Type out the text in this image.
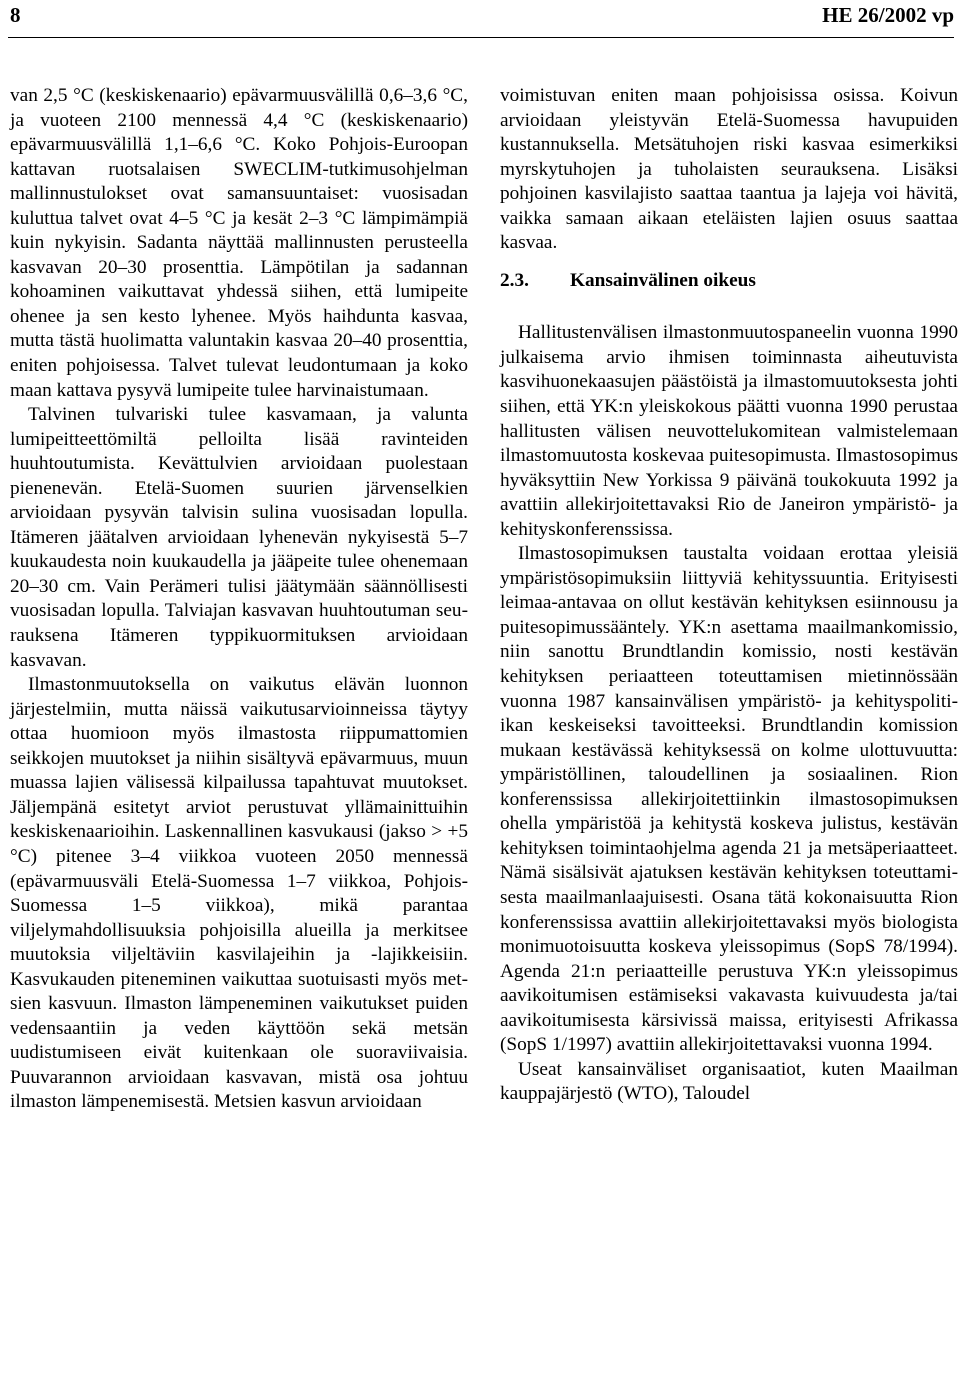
8	HE 26/2002 vp

van 2,5 °C (keskiskenaario) epävarmuusvälillä 0,6–3,6 °C, ja vuoteen 2100 mennessä 4,4 °C (keskiskenaario) epävarmuusvälillä 1,1–6,6 °C. Koko Pohjois-Euroopan kattavan ruotsalaisen SWECLIM-tutkimusohjelman mallinnustulokset ovat samansuuntaiset: vuosisadan kuluttua talvet ovat 4–5 °C ja kesät 2–3 °C lämpimämpiä kuin nykyisin. Sadanta näyttää mallinnusten perusteella kasvavan 20–30 prosenttia. Lämpötilan ja sadannan kohoaminen vaikuttavat yhdessä siihen, että lumipeite ohenee ja sen kesto lyhenee. Myös haihdunta kasvaa, mutta tästä huolimatta valuntakin kasvaa 20–40 prosenttia, eniten pohjoisessa. Talvet tulevat leudontumaan ja koko maan kattava pysyvä lumipeite tulee harvinaistumaan.

Talvinen tulvariski tulee kasvamaan, ja valunta lumipeitteettömiltä pelloilta lisää ravinteiden huuhtoutumista. Kevättulvien arvioidaan puolestaan pienenevän. Etelä-Suomen suurien järvenselkien arvioidaan pysyvän talvisin sulina vuosisadan lopulla. Itämeren jäätalven arvioidaan lyhenevän nykyisestä 5–7 kuukaudesta noin kuukaudella ja jääpeite tulee ohenemaan 20–30 cm. Vain Perämeri tulisi jäätymään säännöllisesti vuosisadan lopulla. Talviajan kasvavan huuhtoutuman seurauksena Itämeren typpikuormituksen arvioidaan kasvavan.

Ilmastonmuutoksella on vaikutus elävän luonnon järjestelmiin, mutta näissä vaikutusarvioinneissa täytyy ottaa huomioon myös ilmastosta riippumattomien seikkojen muutokset ja niihin sisältyvä epävarmuus, muun muassa lajien välisessä kilpailussa tapahtuvat muutokset. Jäljempänä esitetyt arviot perustuvat yllämainittuihin keskiskenaarioihin. Laskennallinen kasvukausi (jakso > +5 °C) pitenee 3–4 viikkoa vuoteen 2050 mennessä (epävarmuusväli Etelä-Suomessa 1–7 viikkoa, Pohjois-Suomessa 1–5 viikkoa), mikä parantaa viljelymahdollisuuksia pohjoisilla alueilla ja merkitsee muutoksia viljeltäviin kasvilajeihin ja -lajikkeisiin. Kasvukauden piteneminen vaikuttaa suotuisasti myös metsien kasvuun. Ilmaston lämpeneminen vaikutukset puiden vedensaantiin ja veden käyttöön sekä metsän uudistumiseen eivät kuitenkaan ole suoraviivaisia. Puuvarannon arvioidaan kasvavan, mistä osa johtuu ilmaston lämpenemisestä. Metsien kasvun arvioidaan

voimistuvan eniten maan pohjoisissa osissa. Koivun arvioidaan yleistyvän Etelä-Suomessa havupuiden kustannuksella. Metsätuhojen riski kasvaa esimerkiksi myrskytuhojen ja tuholaisten seurauksena. Lisäksi pohjoinen kasvilajisto saattaa taantua ja lajeja voi hävitä, vaikka samaan aikaan eteläisten lajien osuus saattaa kasvaa.

2.3. Kansainvälinen oikeus

Hallitustenvälisen ilmastonmuutospaneelin vuonna 1990 julkaisema arvio ihmisen toiminnasta aiheutuvista kasvihuonekaasujen päästöistä ja ilmastomuutoksesta johti siihen, että YK:n yleiskokous päätti vuonna 1990 perustaa hallitusten välisen neuvottelukomitean valmistelemaan ilmastomuutosta koskevaa puitesopimusta. Ilmastosopimus hyväksyttiin New Yorkissa 9 päivänä toukokuuta 1992 ja avattiin allekirjoitettavaksi Rio de Janeiron ympäristö- ja kehityskonferenssissa.

Ilmastosopimuksen taustalta voidaan erottaa yleisiä ympäristösopimuksiin liittyviä kehityssuuntia. Erityisesti leimaa-antavaa on ollut kestävän kehityksen esiinnousu ja puitesopimussääntely. YK:n asettama maailmankomissio, niin sanottu Brundtlandin komissio, nosti kestävän kehityksen periaatteen toteuttamisen mietinnössään vuonna 1987 kansainvälisen ympäristö- ja kehityspolitiikan keskeiseksi tavoitteeksi. Brundtlandin komission mukaan kestävässä kehityksessä on kolme ulottuvuutta: ympäristöllinen, taloudellinen ja sosiaalinen. Rion konferenssissa allekirjoitettiinkin ilmastosopimuksen ohella ympäristöä ja kehitystä koskeva julistus, kestävän kehityksen toimintaohjelma agenda 21 ja metsäperiaatteet. Nämä sisälsivät ajatuksen kestävän kehityksen toteuttamisesta maailmanlaajuisesti. Osana tätä kokonaisuutta Rion konferenssissa avattiin allekirjoitettavaksi myös biologista monimuotoisuutta koskeva yleissopimus (SopS 78/1994). Agenda 21:n periaatteille perustuva YK:n yleissopimus aavikoitumisen estämiseksi vakavasta kuivuudesta ja/tai aavikoitumisesta kärsivissä maissa, erityisesti Afrikassa (SopS 1/1997) avattiin allekirjoitettavaksi vuonna 1994.

Useat kansainväliset organisaatiot, kuten Maailman kauppajärjestö (WTO), Taloudel
